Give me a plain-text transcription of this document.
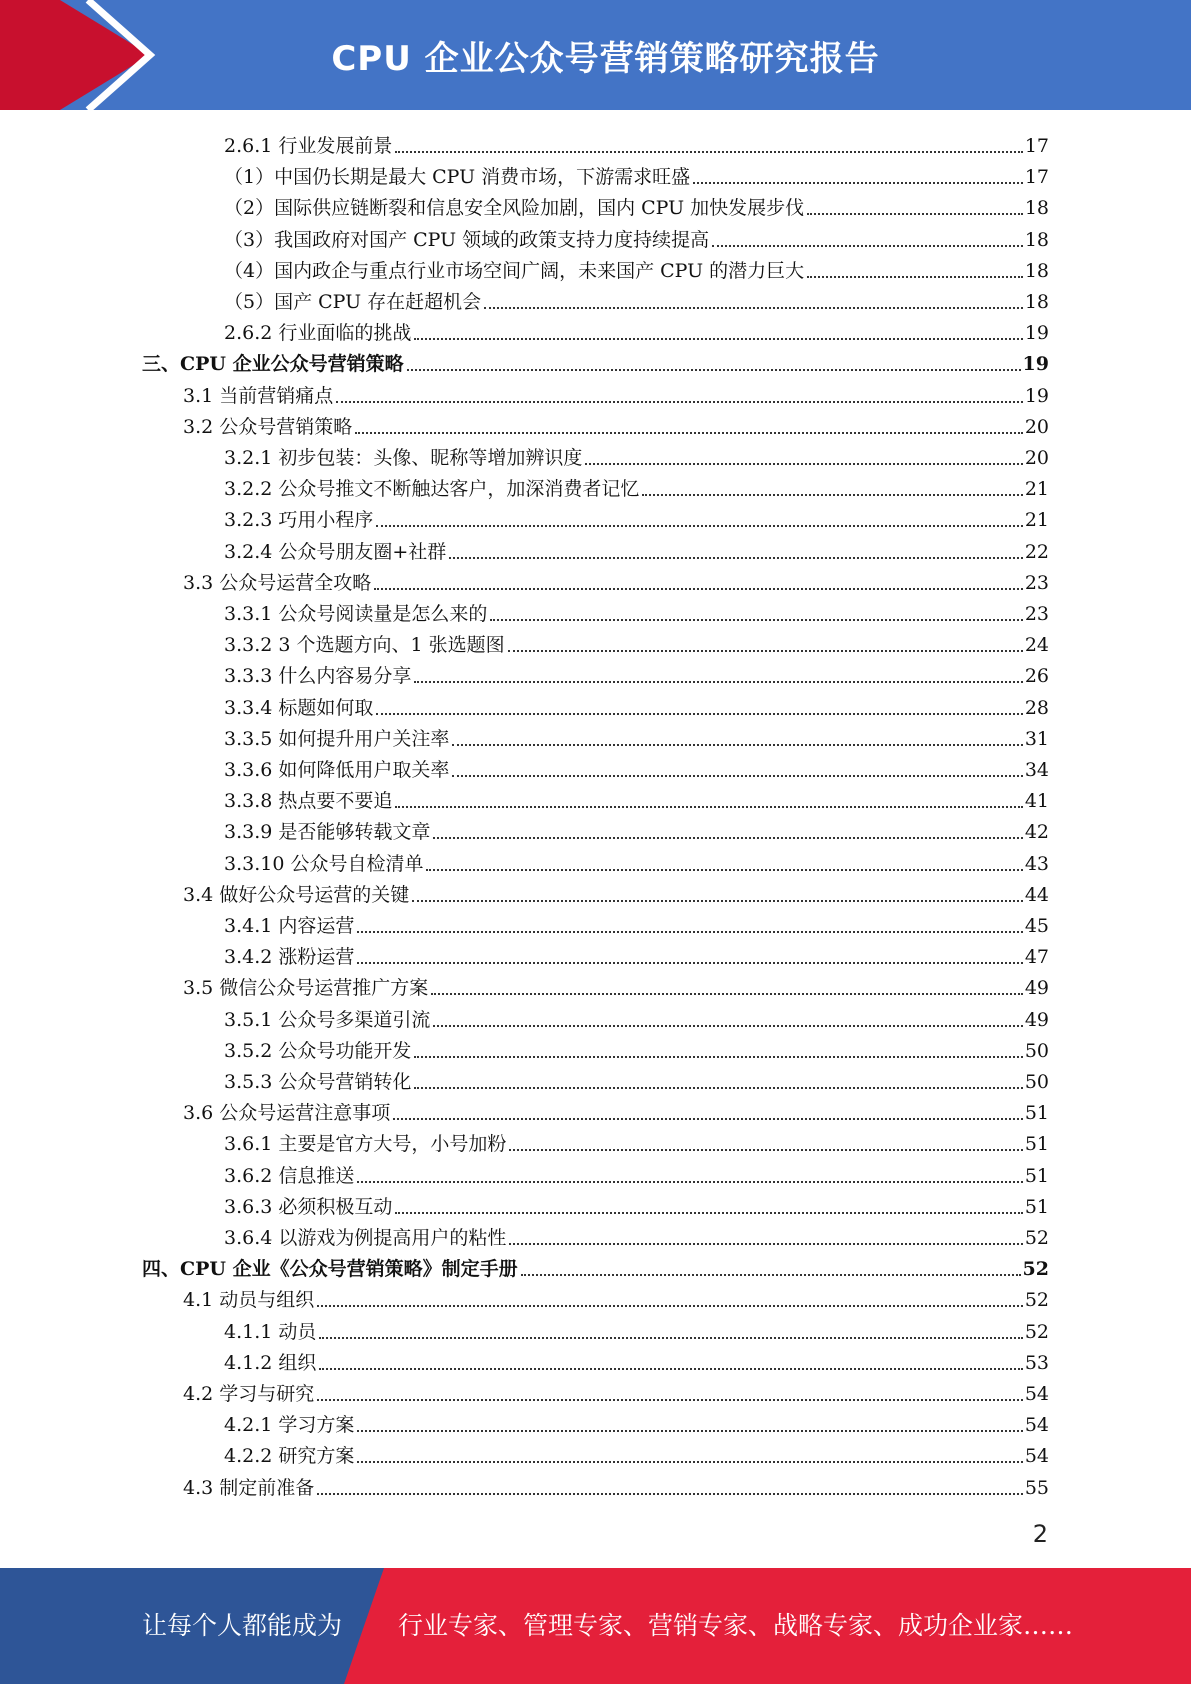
CPU 企业公众号营销策略研究报告
2.6.1 行业发展前景	17
（1）中国仍长期是最大 CPU 消费市场，下游需求旺盛	17
（2）国际供应链断裂和信息安全风险加剧，国内 CPU 加快发展步伐	18
（3）我国政府对国产 CPU 领域的政策支持力度持续提高	18
（4）国内政企与重点行业市场空间广阔，未来国产 CPU 的潜力巨大	18
（5）国产 CPU 存在赶超机会	18
2.6.2 行业面临的挑战	19
三、CPU 企业公众号营销策略	19
3.1 当前营销痛点	19
3.2 公众号营销策略	20
3.2.1 初步包装：头像、昵称等增加辨识度	20
3.2.2 公众号推文不断触达客户，加深消费者记忆	21
3.2.3 巧用小程序	21
3.2.4 公众号朋友圈+社群	22
3.3 公众号运营全攻略	23
3.3.1 公众号阅读量是怎么来的	23
3.3.2 3 个选题方向、1 张选题图	24
3.3.3 什么内容易分享	26
3.3.4 标题如何取	28
3.3.5 如何提升用户关注率	31
3.3.6 如何降低用户取关率	34
3.3.8 热点要不要追	41
3.3.9 是否能够转载文章	42
3.3.10 公众号自检清单	43
3.4 做好公众号运营的关键	44
3.4.1 内容运营	45
3.4.2 涨粉运营	47
3.5 微信公众号运营推广方案	49
3.5.1 公众号多渠道引流	49
3.5.2 公众号功能开发	50
3.5.3 公众号营销转化	50
3.6 公众号运营注意事项	51
3.6.1 主要是官方大号，小号加粉	51
3.6.2 信息推送	51
3.6.3 必须积极互动	51
3.6.4 以游戏为例提高用户的粘性	52
四、CPU 企业《公众号营销策略》制定手册	52
4.1 动员与组织	52
4.1.1 动员	52
4.1.2 组织	53
4.2 学习与研究	54
4.2.1 学习方案	54
4.2.2 研究方案	54
4.3 制定前准备	55
2
让每个人都能成为 行业专家、管理专家、营销专家、战略专家、成功企业家……
